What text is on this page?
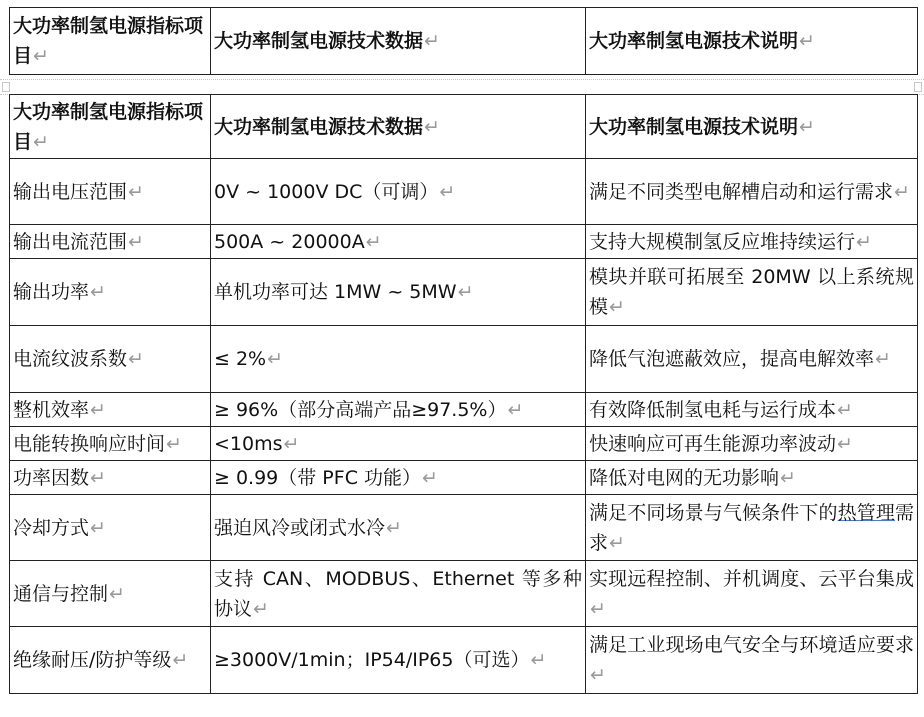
大功率制氢电源指标项目 ↵	大功率制氢电源技术数据 ↵	大功率制氢电源技术说明 ↵
大功率制氢电源指标项目 ↵	大功率制氢电源技术数据 ↵	大功率制氢电源技术说明 ↵
输出电压范围 ↵	0V ~ 1000V DC（可调） ↵	满足不同类型电解槽启动和运行需求 ↵
输出电流范围 ↵	500A ~ 20000A ↵	支持大规模制氢反应堆持续运行 ↵
输出功率 ↵	单机功率可达 1MW ~ 5MW ↵	模块并联可拓展至 20MW 以上系统规模 ↵
电流纹波系数 ↵	≤ 2% ↵	降低气泡遮蔽效应，提高电解效率 ↵
整机效率 ↵	≥ 96%（部分高端产品≥97.5%） ↵	有效降低制氢电耗与运行成本 ↵
电能转换响应时间 ↵	<10ms ↵	快速响应可再生能源功率波动 ↵
功率因数 ↵	≥ 0.99（带 PFC 功能） ↵	降低对电网的无功影响 ↵
冷却方式 ↵	强迫风冷或闭式水冷 ↵	满足不同场景与气候条件下的热管理需求 ↵
通信与控制 ↵	支持 CAN、MODBUS、Ethernet 等多种协议 ↵	实现远程控制、并机调度、云平台集成 ↵
绝缘耐压/防护等级 ↵	≥3000V/1min；IP54/IP65（可选） ↵	满足工业现场电气安全与环境适应要求 ↵
